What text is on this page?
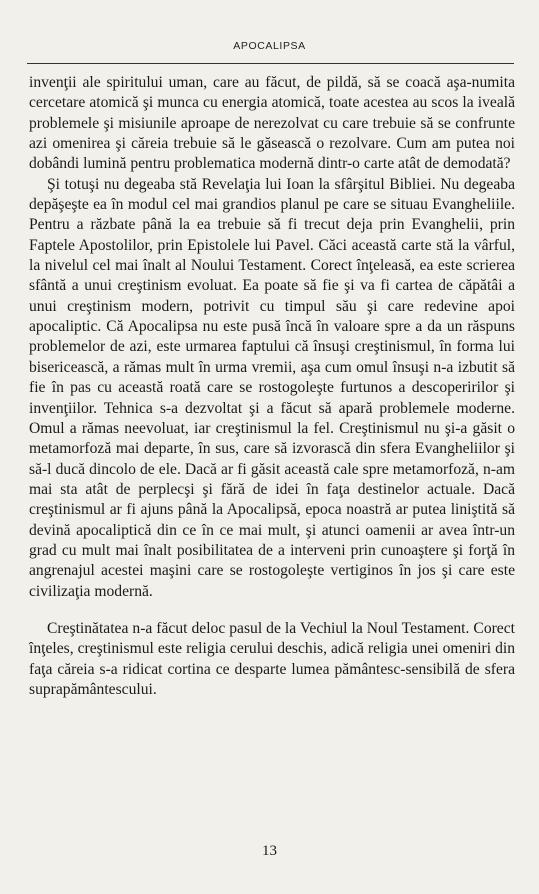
APOCALIPSA

invenţii ale spiritului uman, care au făcut, de pildă, să se coacă aşa-numita cercetare atomică şi munca cu energia atomică, toate acestea au scos la iveală problemele şi misiunile aproape de nerezolvat cu care trebuie să se confrunte azi omenirea şi căreia trebuie să le găsească o rezolvare. Cum am putea noi dobândi lumină pentru problematica modernă dintr-o carte atât de demodată?

Şi totuşi nu degeaba stă Revelaţia lui Ioan la sfârşitul Bibliei. Nu degeaba depăşeşte ea în modul cel mai grandios planul pe care se situau Evangheliile. Pentru a răzbate până la ea trebuie să fi trecut deja prin Evanghelii, prin Faptele Apostolilor, prin Epistolele lui Pavel. Căci această carte stă la vârful, la nivelul cel mai înalt al Noului Testament. Corect înţeleasă, ea este scrierea sfântă a unui creştinism evoluat. Ea poate să fie şi va fi cartea de căpătâi a unui creştinism modern, potrivit cu timpul său şi care redevine apoi apocaliptic. Că Apocalipsa nu este pusă încă în valoare spre a da un răspuns problemelor de azi, este urmarea faptului că însuşi creştinismul, în forma lui bisericească, a rămas mult în urma vremii, aşa cum omul însuşi n-a izbutit să fie în pas cu această roată care se rostogoleşte furtunos a descoperirilor şi invenţiilor. Tehnica s-a dezvoltat şi a făcut să apară problemele moderne. Omul a rămas neevoluat, iar creştinismul la fel. Creştinismul nu şi-a găsit o metamorfoză mai departe, în sus, care să izvorască din sfera Evangheliilor şi să-l ducă dincolo de ele. Dacă ar fi găsit această cale spre metamorfoză, n-am mai sta atât de perplecşi şi fără de idei în faţa destinelor actuale. Dacă creştinismul ar fi ajuns până la Apocalipsă, epoca noastră ar putea liniştită să devină apocaliptică din ce în ce mai mult, şi atunci oamenii ar avea într-un grad cu mult mai înalt posibilitatea de a interveni prin cunoaştere şi forţă în angrenajul acestei maşini care se rostogoleşte vertiginos în jos şi care este civilizaţia modernă.

Creştinătatea n-a făcut deloc pasul de la Vechiul la Noul Testament. Corect înţeles, creştinismul este religia cerului deschis, adică religia unei omeniri din faţa căreia s-a ridicat cortina ce desparte lumea pământesc-sensibilă de sfera suprapământescului.

13
